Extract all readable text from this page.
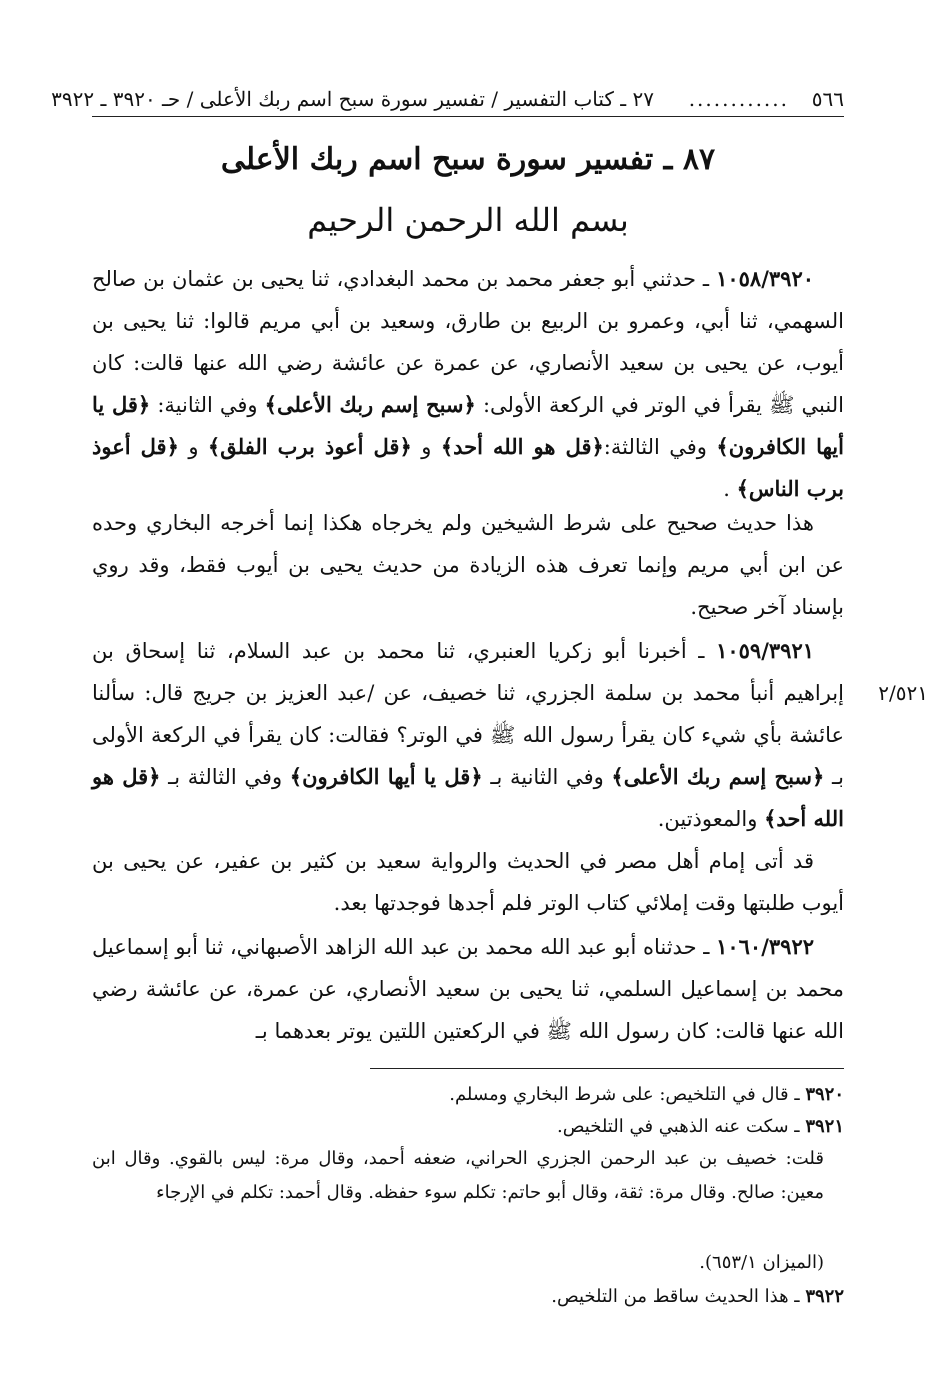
٥٦٦
............
٢٧ ـ كتاب التفسير / تفسير سورة سبح اسم ربك الأعلى / حـ ٣٩٢٠ ـ ٣٩٢٢
٨٧ ـ تفسير سورة سبح اسم ربك الأعلى
بسم الله الرحمن الرحيم

١٠٥٨/٣٩٢٠ ـ حدثني أبو جعفر محمد بن محمد البغدادي، ثنا يحيى بن عثمان بن صالح السهمي، ثنا أبي، وعمرو بن الربيع بن طارق، وسعيد بن أبي مريم قالوا: ثنا يحيى بن أيوب، عن يحيى بن سعيد الأنصاري، عن عمرة عن عائشة رضي الله عنها قالت: كان النبي ﷺ يقرأ في الوتر في الركعة الأولى: ﴿سبح إسم ربك الأعلى﴾ وفي الثانية: ﴿قل يا أيها الكافرون﴾ وفي الثالثة:﴿قل هو الله أحد﴾ و ﴿قل أعوذ برب الفلق﴾ و ﴿قل أعوذ برب الناس﴾ .

هذا حديث صحيح على شرط الشيخين ولم يخرجاه هكذا إنما أخرجه البخاري وحده عن ابن أبي مريم وإنما تعرف هذه الزيادة من حديث يحيى بن أيوب فقط، وقد روي بإسناد آخر صحيح.

٢/٥٢١

١٠٥٩/٣٩٢١ ـ أخبرنا أبو زكريا العنبري، ثنا محمد بن عبد السلام، ثنا إسحاق بن إبراهيم أنبأ محمد بن سلمة الجزري، ثنا خصيف، عن /عبد العزيز بن جريج قال: سألنا عائشة بأي شيء كان يقرأ رسول الله ﷺ في الوتر؟ فقالت: كان يقرأ في الركعة الأولى بـ ﴿سبح إسم ربك الأعلى﴾ وفي الثانية بـ ﴿قل يا أيها الكافرون﴾ وفي الثالثة بـ ﴿قل هو الله أحد﴾ والمعوذتين.

قد أتى إمام أهل مصر في الحديث والرواية سعيد بن كثير بن عفير، عن يحيى بن أيوب طلبتها وقت إملائي كتاب الوتر فلم أجدها فوجدتها بعد.

١٠٦٠/٣٩٢٢ ـ حدثناه أبو عبد الله محمد بن عبد الله الزاهد الأصبهاني، ثنا أبو إسماعيل محمد بن إسماعيل السلمي، ثنا يحيى بن سعيد الأنصاري، عن عمرة، عن عائشة رضي الله عنها قالت: كان رسول الله ﷺ في الركعتين اللتين يوتر بعدهما بـ

٣٩٢٠ ـ قال في التلخيص: على شرط البخاري ومسلم.

٣٩٢١ ـ سكت عنه الذهبي في التلخيص.

قلت: خصيف بن عبد الرحمن الجزري الحراني، ضعفه أحمد، وقال مرة: ليس بالقوي. وقال ابن معين: صالح. وقال مرة: ثقة، وقال أبو حاتم: تكلم سوء حفظه. وقال أحمد: تكلم في الإرجاء

(الميزان ٦٥٣/١).

٣٩٢٢ ـ هذا الحديث ساقط من التلخيص.
